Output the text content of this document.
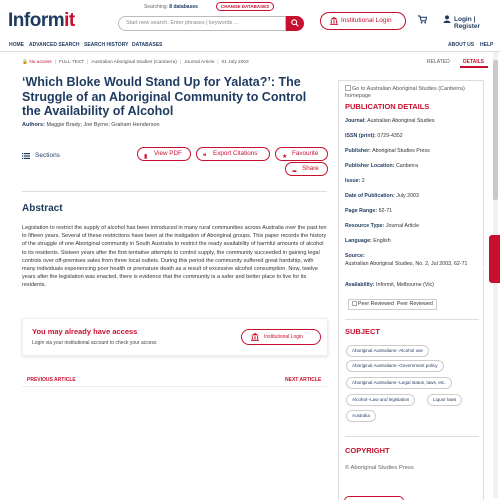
Informit
Searching: 8 databases	CHANGE DATABASES
Start new search. Enter phrases | keywords ...	Institutional Login	Login | Register
HOME ADVANCED SEARCH SEARCH HISTORY DATABASES	ABOUT US HELP
🔒 No access | FULL TEXT | Australian Aboriginal Studies (Canberra) | Journal Article | 01 July 2003
‘Which Bloke Would Stand Up for Yalata?’: The Struggle of an Aboriginal Community to Control the Availability of Alcohol
Authors: Maggie Brady; Joe Byrne; Graham Henderson
Sections	▮ View PDF	❝ Export Citations	★ Favourite
➦ Share
Abstract
Legislation to restrict the supply of alcohol has been introduced in many rural communities across Australia over the past ten to fifteen years. Several of these restrictions have been at the instigation of Aboriginal groups. This paper records the history of the struggle of one Aboriginal community in South Australia to restrict the ready availability of harmful amounts of alcohol to its residents. Sixteen years after the first tentative attempts to control supply, the community succeeded in gaining legal controls over off-premises sales from three local outlets. During this period the community suffered great hardship, with many individuals experiencing poor health or premature death as a result of excessive alcohol consumption. Now, twelve years after the legislation was enacted, there is evidence that the community is a safer and better place to live for its residents.
You may already have access
Login via your institutional account to check your access
Institutional Login
PREVIOUS ARTICLE	NEXT ARTICLE
RELATED	DETAILS
Go to Australian Aboriginal Studies (Canberra) homepage
PUBLICATION DETAILS
Journal: Australian Aboriginal Studies
ISSN (print): 0729-4352
Publisher: Aboriginal Studies Press
Publisher Location: Canberra
Issue: 2
Date of Publication: July 2003
Page Range: 62-71
Resource Type: Journal Article
Language: English
Source:
Australian Aboriginal Studies, No. 2, Jul 2003, 62-71
Availability: Informit, Melbourne (Vic)
Peer Reviewed Peer Reviewed
SUBJECT
Aboriginal Australians--Alcohol use
Aboriginal Australians--Government policy
Aboriginal Australians--Legal status, laws, etc.
Alcohol--Law and legislation	Liquor laws
Australia
COPYRIGHT
© Aboriginal Studies Press
Feedback
